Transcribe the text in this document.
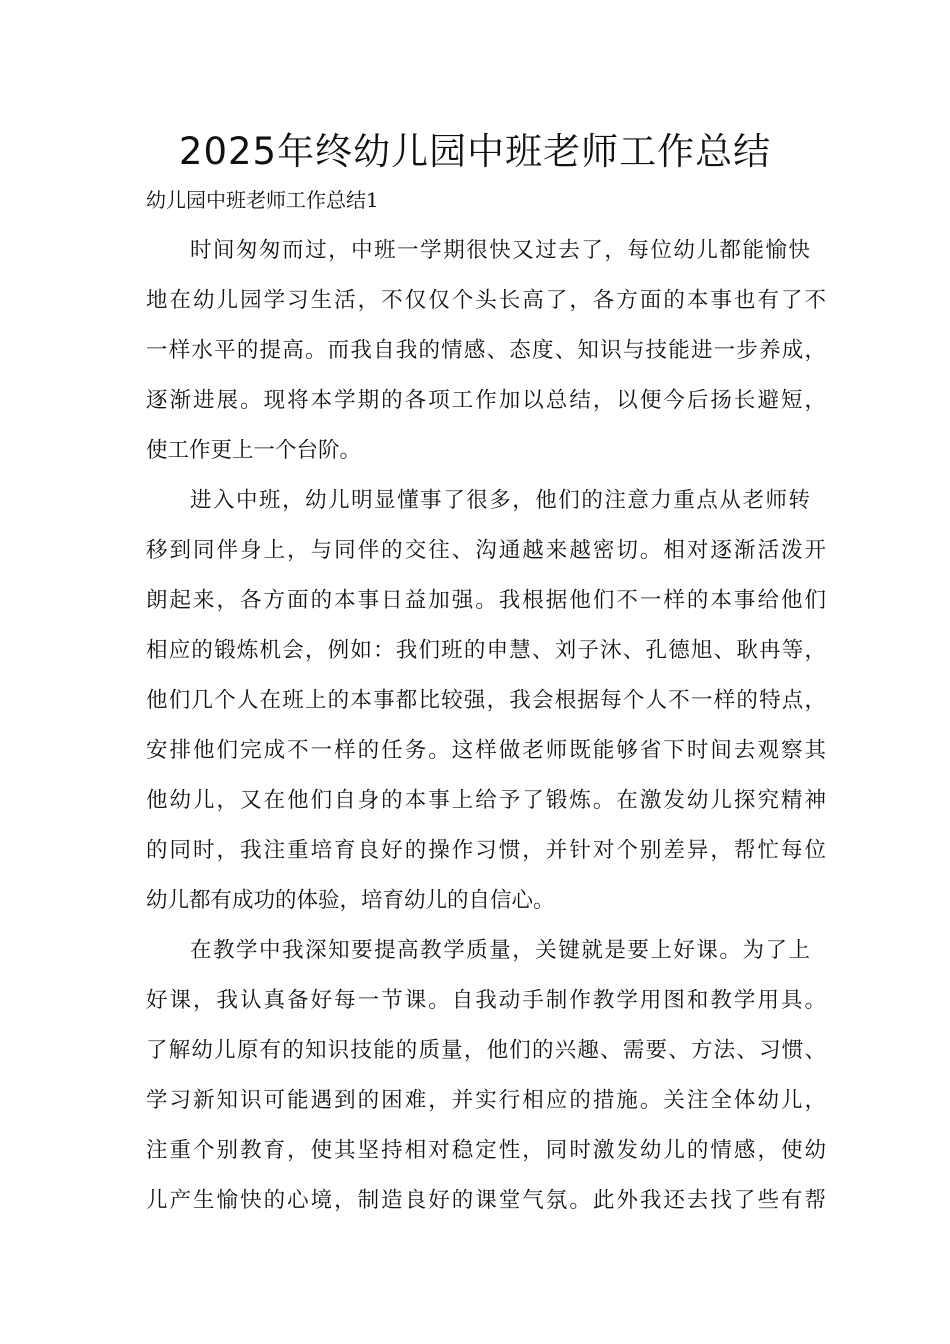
2025年终幼儿园中班老师工作总结
幼儿园中班老师工作总结1
时间匆匆而过，中班一学期很快又过去了，每位幼儿都能愉快
地在幼儿园学习生活，不仅仅个头长高了，各方面的本事也有了不
一样水平的提高。而我自我的情感、态度、知识与技能进一步养成，
逐渐进展。现将本学期的各项工作加以总结，以便今后扬长避短，
使工作更上一个台阶。
进入中班，幼儿明显懂事了很多，他们的注意力重点从老师转
移到同伴身上，与同伴的交往、沟通越来越密切。相对逐渐活泼开
朗起来，各方面的本事日益加强。我根据他们不一样的本事给他们
相应的锻炼机会，例如：我们班的申慧、刘子沐、孔德旭、耿冉等，
他们几个人在班上的本事都比较强，我会根据每个人不一样的特点，
安排他们完成不一样的任务。这样做老师既能够省下时间去观察其
他幼儿，又在他们自身的本事上给予了锻炼。在激发幼儿探究精神
的同时，我注重培育良好的操作习惯，并针对个别差异，帮忙每位
幼儿都有成功的体验，培育幼儿的自信心。
在教学中我深知要提高教学质量，关键就是要上好课。为了上
好课，我认真备好每一节课。自我动手制作教学用图和教学用具。
了解幼儿原有的知识技能的质量，他们的兴趣、需要、方法、习惯、
学习新知识可能遇到的困难，并实行相应的措施。关注全体幼儿，
注重个别教育，使其坚持相对稳定性，同时激发幼儿的情感，使幼
儿产生愉快的心境，制造良好的课堂气氛。此外我还去找了些有帮
